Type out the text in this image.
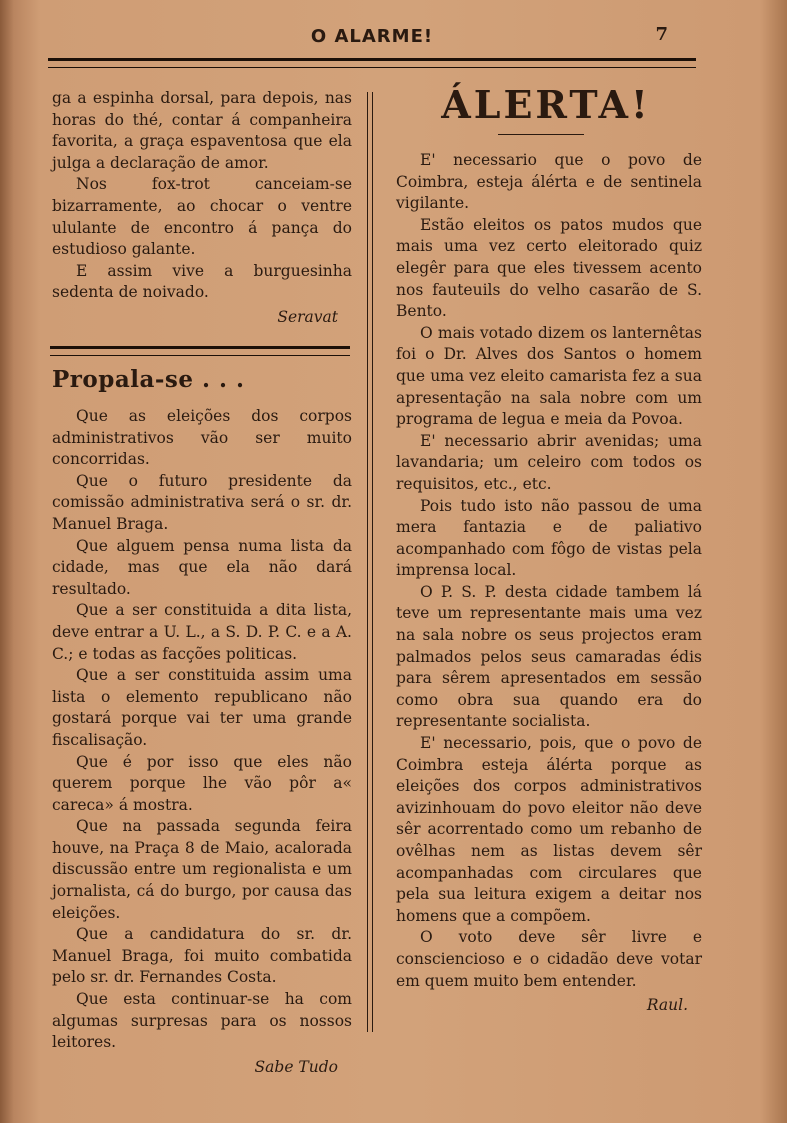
O ALARME!	7

ga a espinha dorsal, para depois, nas horas do thé, contar á companheira favorita, a graça espaventosa que ela julga a declaração de amor.

Nos fox-trot canceiam-se bizarramente, ao chocar o ventre ululante de encontro á pança do estudioso galante.

E assim vive a burguesinha sedenta de noivado.

Seravat
Propala-se . . .

Que as eleições dos corpos administrativos vão ser muito concorridas.

Que o futuro presidente da comissão administrativa será o sr. dr. Manuel Braga.

Que alguem pensa numa lista da cidade, mas que ela não dará resultado.

Que a ser constituida a dita lista, deve entrar a U. L., a S. D. P. C. e a A. C.; e todas as facções politicas.

Que a ser constituida assim uma lista o elemento republicano não gostará porque vai ter uma grande fiscalisação.

Que é por isso que eles não querem porque lhe vão pôr a« careca» á mostra.

Que na passada segunda feira houve, na Praça 8 de Maio, acalorada discussão entre um regionalista e um jornalista, cá do burgo, por causa das eleições.

Que a candidatura do sr. dr. Manuel Braga, foi muito combatida pelo sr. dr. Fernandes Costa.

Que esta continuar-se ha com algumas surpresas para os nossos leitores.

Sabe Tudo
ÁLERTA!

E' necessario que o povo de Coimbra, esteja álérta e de sentinela vigilante.

Estão eleitos os patos mudos que mais uma vez certo eleitorado quiz elegêr para que eles tivessem acento nos fauteuils do velho casarão de S. Bento.

O mais votado dizem os lanternêtas foi o Dr. Alves dos Santos o homem que uma vez eleito camarista fez a sua apresentação na sala nobre com um programa de legua e meia da Povoa.

E' necessario abrir avenidas; uma lavandaria; um celeiro com todos os requisitos, etc., etc.

Pois tudo isto não passou de uma mera fantazia e de paliativo acompanhado com fôgo de vistas pela imprensa local.

O P. S. P. desta cidade tambem lá teve um representante mais uma vez na sala nobre os seus projectos eram palmados pelos seus camaradas édis para sêrem apresentados em sessão como obra sua quando era do representante socialista.

E' necessario, pois, que o povo de Coimbra esteja álérta porque as eleições dos corpos administrativos avizinhouam do povo eleitor não deve sêr acorrentado como um rebanho de ovêlhas nem as listas devem sêr acompanhadas com circulares que pela sua leitura exigem a deitar nos homens que a compõem.

O voto deve sêr livre e consciencioso e o cidadão deve votar em quem muito bem entender.

Raul.
